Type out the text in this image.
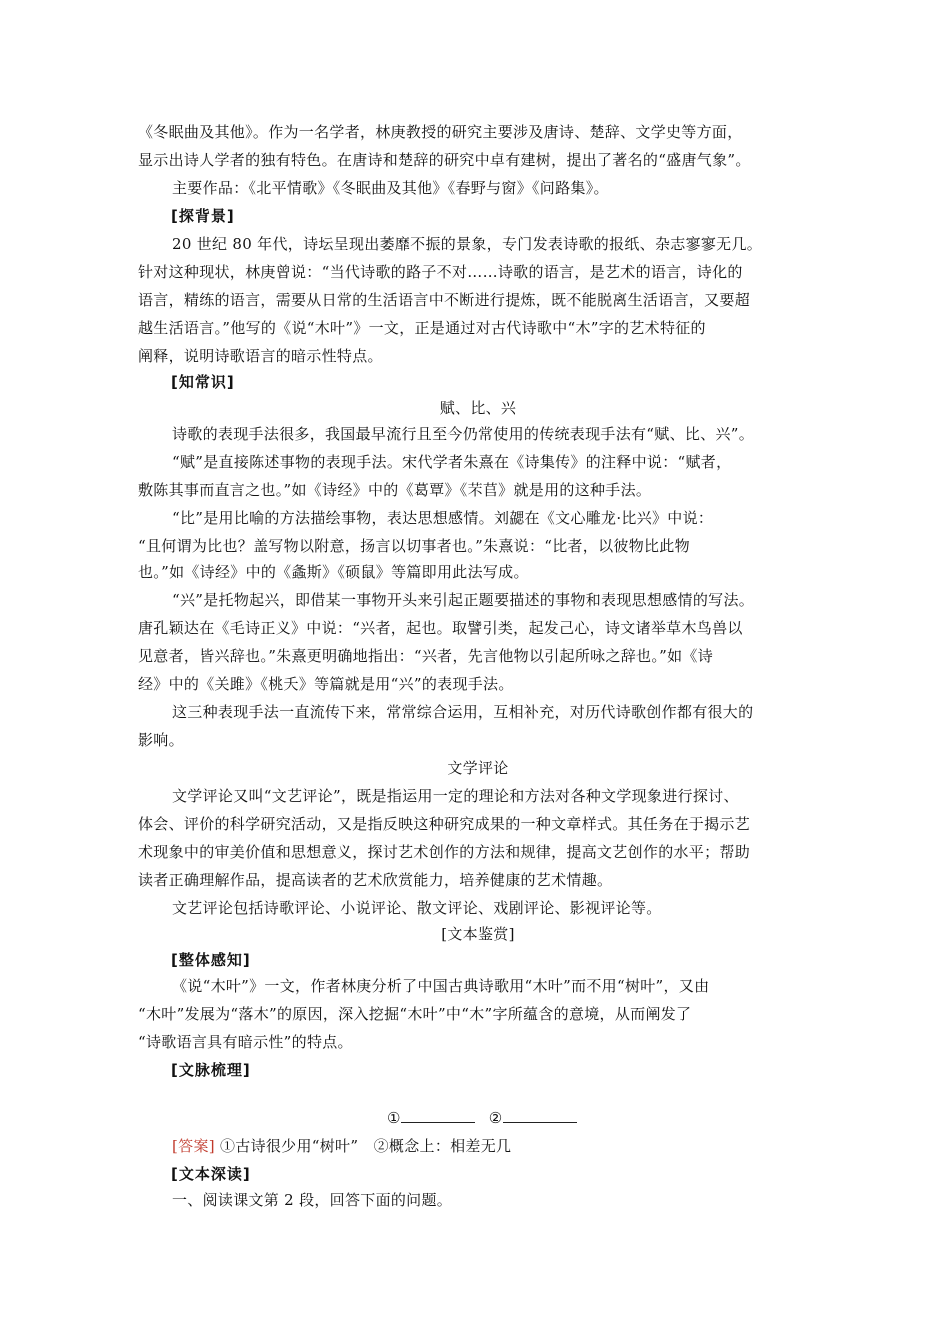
《冬眠曲及其他》。作为一名学者，林庚教授的研究主要涉及唐诗、楚辞、文学史等方面，
显示出诗人学者的独有特色。在唐诗和楚辞的研究中卓有建树，提出了著名的“盛唐气象”。
主要作品：《北平情歌》《冬眠曲及其他》《春野与窗》《问路集》。
[探背景]
20 世纪 80 年代，诗坛呈现出萎靡不振的景象，专门发表诗歌的报纸、杂志寥寥无几。
针对这种现状，林庚曾说：“当代诗歌的路子不对……诗歌的语言，是艺术的语言，诗化的
语言，精练的语言，需要从日常的生活语言中不断进行提炼，既不能脱离生活语言，又要超
越生活语言。”他写的《说“木叶”》一文，正是通过对古代诗歌中“木”字的艺术特征的
阐释，说明诗歌语言的暗示性特点。
[知常识]
赋、比、兴
诗歌的表现手法很多，我国最早流行且至今仍常使用的传统表现手法有“赋、比、兴”。
“赋”是直接陈述事物的表现手法。宋代学者朱熹在《诗集传》的注释中说：“赋者，
敷陈其事而直言之也。”如《诗经》中的《葛覃》《芣苢》就是用的这种手法。
“比”是用比喻的方法描绘事物，表达思想感情。刘勰在《文心雕龙·比兴》中说：
“且何谓为比也？盖写物以附意，扬言以切事者也。”朱熹说：“比者，以彼物比此物
也。”如《诗经》中的《螽斯》《硕鼠》等篇即用此法写成。
“兴”是托物起兴，即借某一事物开头来引起正题要描述的事物和表现思想感情的写法。
唐孔颖达在《毛诗正义》中说：“兴者，起也。取譬引类，起发己心，诗文诸举草木鸟兽以
见意者，皆兴辞也。”朱熹更明确地指出：“兴者，先言他物以引起所咏之辞也。”如《诗
经》中的《关雎》《桃夭》等篇就是用“兴”的表现手法。
这三种表现手法一直流传下来，常常综合运用，互相补充，对历代诗歌创作都有很大的
影响。
文学评论
文学评论又叫“文艺评论”，既是指运用一定的理论和方法对各种文学现象进行探讨、
体会、评价的科学研究活动，又是指反映这种研究成果的一种文章样式。其任务在于揭示艺
术现象中的审美价值和思想意义，探讨艺术创作的方法和规律，提高文艺创作的水平；帮助
读者正确理解作品，提高读者的艺术欣赏能力，培养健康的艺术情趣。
文艺评论包括诗歌评论、小说评论、散文评论、戏剧评论、影视评论等。
[文本鉴赏]
[整体感知]
《说“木叶”》一文，作者林庚分析了中国古典诗歌用“木叶”而不用“树叶”，又由
“木叶”发展为“落木”的原因，深入挖掘“木叶”中“木”字所蕴含的意境，从而阐发了
“诗歌语言具有暗示性”的特点。
[文脉梳理]
①	②
[答案] ①古诗很少用“树叶”　②概念上：相差无几
[文本深读]
一、阅读课文第 2 段，回答下面的问题。
